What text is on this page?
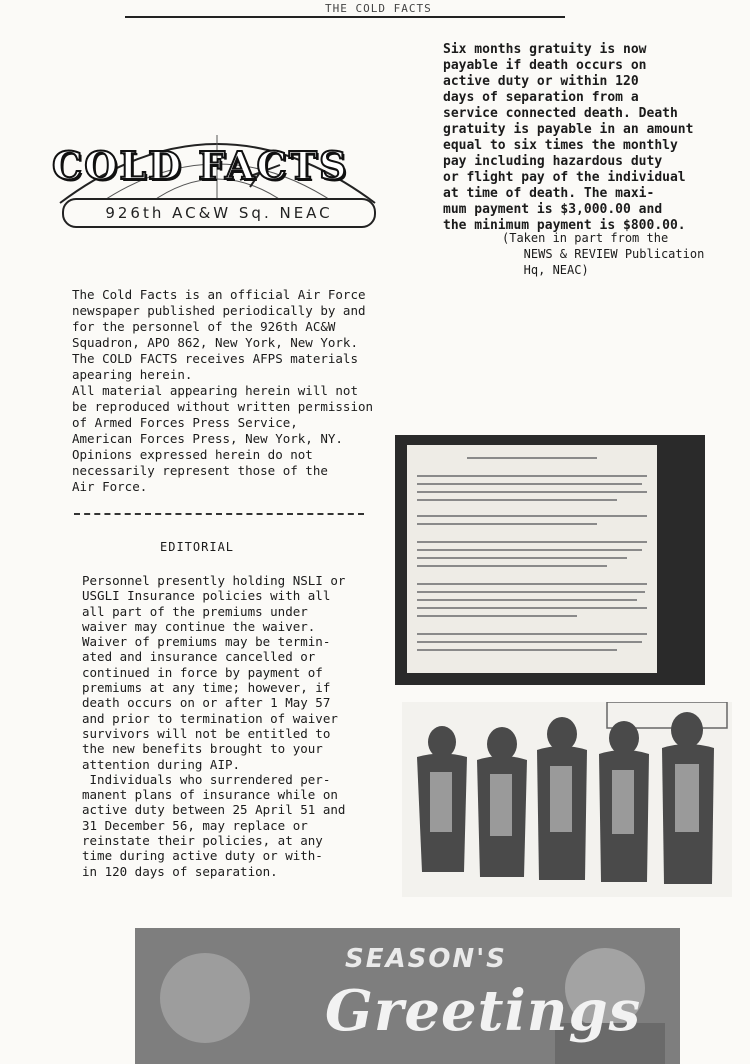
THE COLD FACTS
COLD FACTS
926th AC&W Sq. NEAC
Six months gratuity is now
payable if death occurs on
active duty or within 120
days of separation from a
service connected death. Death
gratuity is payable in an amount
equal to six times the monthly
pay including hazardous duty
or flight pay of the individual
at time of death. The maxi-
mum payment is $3,000.00 and
the minimum payment is $800.00.
(Taken in part from the
NEWS & REVIEW Publication
Hq, NEAC)
The Cold Facts is an official Air Force
newspaper published periodically by and
for the personnel of the 926th AC&W
Squadron, APO 862, New York, New York.
The COLD FACTS receives AFPS materials
apearing herein.
All material appearing herein will not
be reproduced without written permission
of Armed Forces Press Service,
American Forces Press, New York, NY.
Opinions expressed herein do not
necessarily represent those of the
Air Force.
EDITORIAL
Personnel presently holding NSLI or
USGLI Insurance policies with all
all part of the premiums under
waiver may continue the waiver.
Waiver of premiums may be termin-
ated and insurance cancelled or
continued in force by payment of
premiums at any time; however, if
death occurs on or after 1 May 57
and prior to termination of waiver
survivors will not be entitled to
the new benefits brought to your
attention during AIP.
Individuals who surrendered per-
manent plans of insurance while on
active duty between 25 April 51 and
31 December 56, may replace or
reinstate their policies, at any
time during active duty or with-
in 120 days of separation.
SEASON'S
Greetings
